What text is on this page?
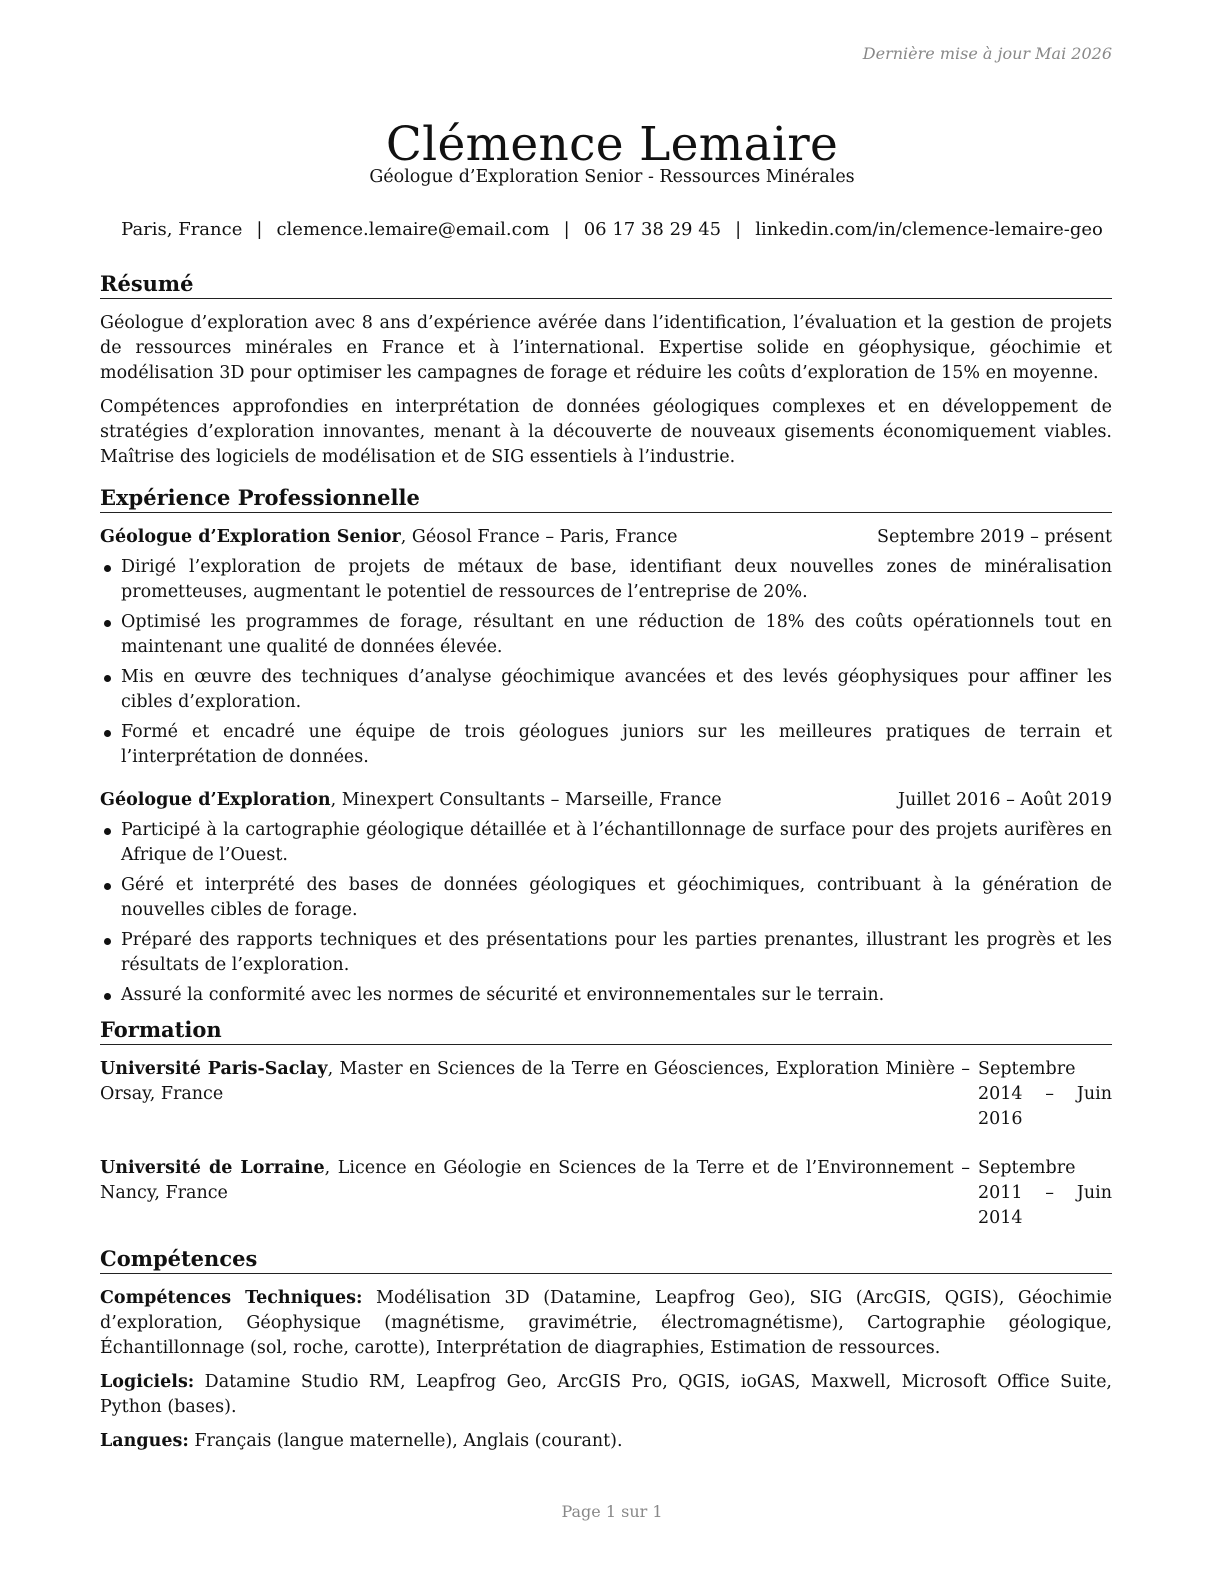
Dernière mise à jour Mai 2026
Clémence Lemaire
Géologue d’Exploration Senior - Ressources Minérales
Paris, France | clemence.lemaire@email.com | 06 17 38 29 45 | linkedin.com/in/clemence-lemaire-geo
Résumé

Géologue d’exploration avec 8 ans d’expérience avérée dans l’identification, l’évaluation et la gestion de projets de ressources minérales en France et à l’international. Expertise solide en géophysique, géochimie et modélisation 3D pour optimiser les campagnes de forage et réduire les coûts d’exploration de 15% en moyenne.

Compétences approfondies en interprétation de données géologiques complexes et en développement de stratégies d’exploration innovantes, menant à la découverte de nouveaux gisements économiquement viables. Maîtrise des logiciels de modélisation et de SIG essentiels à l’industrie.

Expérience Professionnelle
Géologue d’Exploration Senior, Géosol France – Paris, France	Septembre 2019 – présent
Dirigé l’exploration de projets de métaux de base, identifiant deux nouvelles zones de minéralisation prometteuses, augmentant le potentiel de ressources de l’entreprise de 20%.
Optimisé les programmes de forage, résultant en une réduction de 18% des coûts opérationnels tout en maintenant une qualité de données élevée.
Mis en œuvre des techniques d’analyse géochimique avancées et des levés géophysiques pour affiner les cibles d’exploration.
Formé et encadré une équipe de trois géologues juniors sur les meilleures pratiques de terrain et l’interprétation de données.
Géologue d’Exploration, Minexpert Consultants – Marseille, France	Juillet 2016 – Août 2019
Participé à la cartographie géologique détaillée et à l’échantillonnage de surface pour des projets aurifères en Afrique de l’Ouest.
Géré et interprété des bases de données géologiques et géochimiques, contribuant à la génération de nouvelles cibles de forage.
Préparé des rapports techniques et des présentations pour les parties prenantes, illustrant les progrès et les résultats de l’exploration.
Assuré la conformité avec les normes de sécurité et environnementales sur le terrain.
Formation
Université Paris-Saclay, Master en Sciences de la Terre en Géosciences, Exploration Minière – Orsay, France
Septembre 2014 – Juin 2016
Université de Lorraine, Licence en Géologie en Sciences de la Terre et de l’Environnement – Nancy, France
Septembre 2011 – Juin 2014
Compétences
Compétences Techniques: Modélisation 3D (Datamine, Leapfrog Geo), SIG (ArcGIS, QGIS), Géochimie d’exploration, Géophysique (magnétisme, gravimétrie, électromagnétisme), Cartographie géologique, Échantillonnage (sol, roche, carotte), Interprétation de diagraphies, Estimation de ressources.
Logiciels: Datamine Studio RM, Leapfrog Geo, ArcGIS Pro, QGIS, ioGAS, Maxwell, Microsoft Office Suite, Python (bases).
Langues: Français (langue maternelle), Anglais (courant).
Page 1 sur 1
